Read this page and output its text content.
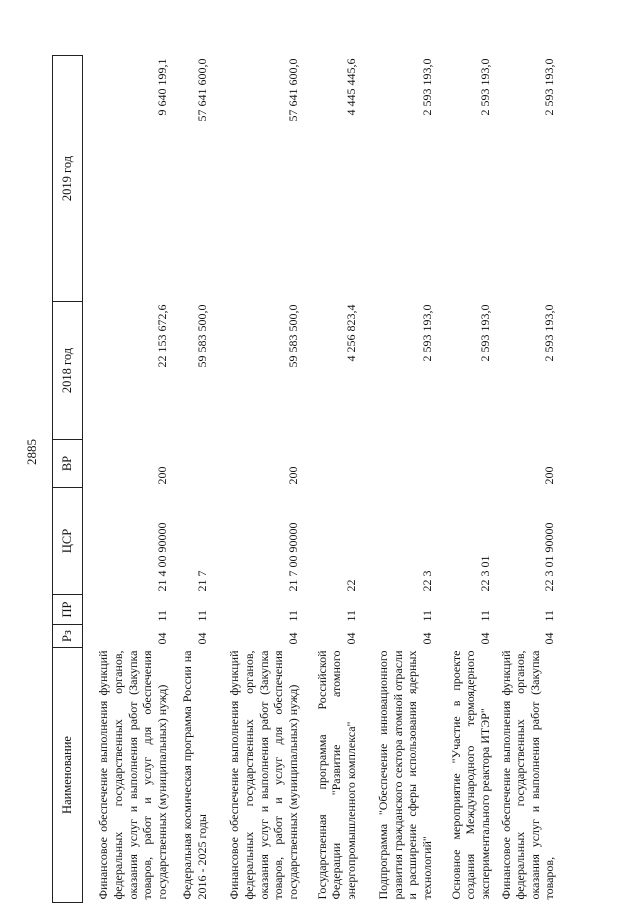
2885
Наименование	Рз	ПР	ЦСР	ВР	2018 год	2019 год
Финансовое обеспечение выполнения функций федеральных государственных органов, оказания услуг и выполнения работ (Закупка товаров, работ и услуг для обеспечения государственных (муниципальных) нужд)	04	11	21 4 00 90000	200	22 153 672,6	9 640 199,1
Федеральная космическая программа России на 2016 - 2025 годы	04	11	21 7		59 583 500,0	57 641 600,0
Финансовое обеспечение выполнения функций федеральных государственных органов, оказания услуг и выполнения работ (Закупка товаров, работ и услуг для обеспечения государственных (муниципальных) нужд)	04	11	21 7 00 90000	200	59 583 500,0	57 641 600,0
Государственная программа Российской Федерации "Развитие атомного энергопромышленного комплекса"	04	11	22		4 256 823,4	4 445 445,6
Подпрограмма "Обеспечение инновационного развития гражданского сектора атомной отрасли и расширение сферы использования ядерных технологий"	04	11	22 3		2 593 193,0	2 593 193,0
Основное мероприятие "Участие в проекте создания Международного термоядерного экспериментального реактора ИТЭР"	04	11	22 3 01		2 593 193,0	2 593 193,0
Финансовое обеспечение выполнения функций федеральных государственных органов, оказания услуг и выполнения работ (Закупка товаров,	04	11	22 3 01 90000	200	2 593 193,0	2 593 193,0
